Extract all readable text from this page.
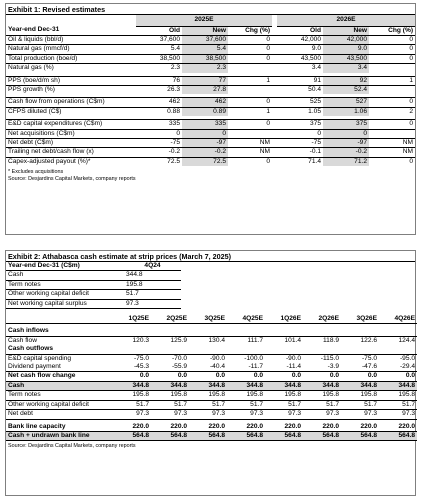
Exhibit 1: Revised estimates
	2025E				2026E		
Year-end Dec-31	Old	New	Chg (%)		Old	New	Chg (%)
Oil & liquids (bbl/d)	37,600	37,600	0		42,000	42,000	0
Natural gas (mmcf/d)	5.4	5.4	0		9.0	9.0	0
Total production (boe/d)	38,500	38,500	0		43,500	43,500	0
Natural gas (%)	2.3	2.3			3.4	3.4	

PPS (boe/d/m sh)	76	77	1		91	92	1
PPS growth (%)	26.3	27.8			50.4	52.4	

Cash flow from operations (C$m)	462	462	0		525	527	0
CFPS diluted (C$)	0.88	0.89	1		1.05	1.06	2

E&D capital expenditures (C$m)	335	335	0		375	375	0
Net acquisitions (C$m)	0	0			0	0	
Net debt (C$m)	-75	-97	NM		-75	-97	NM
Trailing net debt/cash flow (x)	-0.2	-0.2	NM		-0.1	-0.2	NM
Capex-adjusted payout (%)*	72.5	72.5	0		71.4	71.2	0
* Excludes acquisitions
Source: Desjardins Capital Markets, company reports
Exhibit 2: Athabasca cash estimate at strip prices (March 7, 2025)
Year-end Dec-31 (C$m)	4Q24
Cash	344.8
Term notes	195.8
Other working capital deficit	51.7
Net working capital surplus	97.3
	1Q25E	2Q25E	3Q25E	4Q25E	1Q26E	2Q26E	3Q26E	4Q26E

Cash inflows								
Cash flow	120.3	125.9	130.4	111.7	101.4	118.9	122.6	124.4
Cash outflows								
E&D capital spending	-75.0	-70.0	-90.0	-100.0	-90.0	-115.0	-75.0	-95.0
Dividend payment	-45.3	-55.9	-40.4	-11.7	-11.4	-3.9	-47.6	-29.4
Net cash flow change	0.0	0.0	0.0	0.0	0.0	0.0	0.0	0.0
Cash	344.8	344.8	344.8	344.8	344.8	344.8	344.8	344.8
Term notes	195.8	195.8	195.8	195.8	195.8	195.8	195.8	195.8
Other working capital deficit	51.7	51.7	51.7	51.7	51.7	51.7	51.7	51.7
Net debt	97.3	97.3	97.3	97.3	97.3	97.3	97.3	97.3

Bank line capacity	220.0	220.0	220.0	220.0	220.0	220.0	220.0	220.0
Cash + undrawn bank line	564.8	564.8	564.8	564.8	564.8	564.8	564.8	564.8
Source: Desjardins Capital Markets, company reports
